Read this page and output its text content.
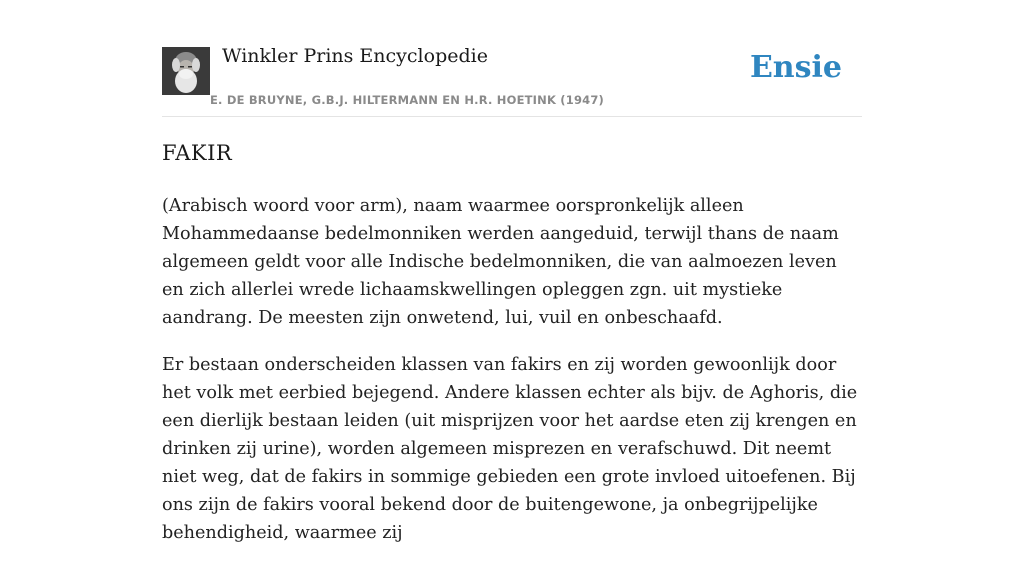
Winkler Prins Encyclopedie
E. DE BRUYNE, G.B.J. HILTERMANN EN H.R. HOETINK (1947)
Ensie
FAKIR

(Arabisch woord voor arm), naam waarmee oorspronkelijk alleen Mohammedaanse bedelmonniken werden aangeduid, terwijl thans de naam algemeen geldt voor alle Indische bedelmonniken, die van aalmoezen leven en zich allerlei wrede lichaamskwellingen opleggen zgn. uit mystieke aandrang. De meesten zijn onwetend, lui, vuil en onbeschaafd.

Er bestaan onderscheiden klassen van fakirs en zij worden gewoonlijk door het volk met eerbied bejegend. Andere klassen echter als bijv. de Aghoris, die een dierlijk bestaan leiden (uit misprijzen voor het aardse eten zij krengen en drinken zij urine), worden algemeen misprezen en verafschuwd. Dit neemt niet weg, dat de fakirs in sommige gebieden een grote invloed uitoefenen. Bij ons zijn de fakirs vooral bekend door de buitengewone, ja onbegrijpelijke behendigheid, waarmee zij
